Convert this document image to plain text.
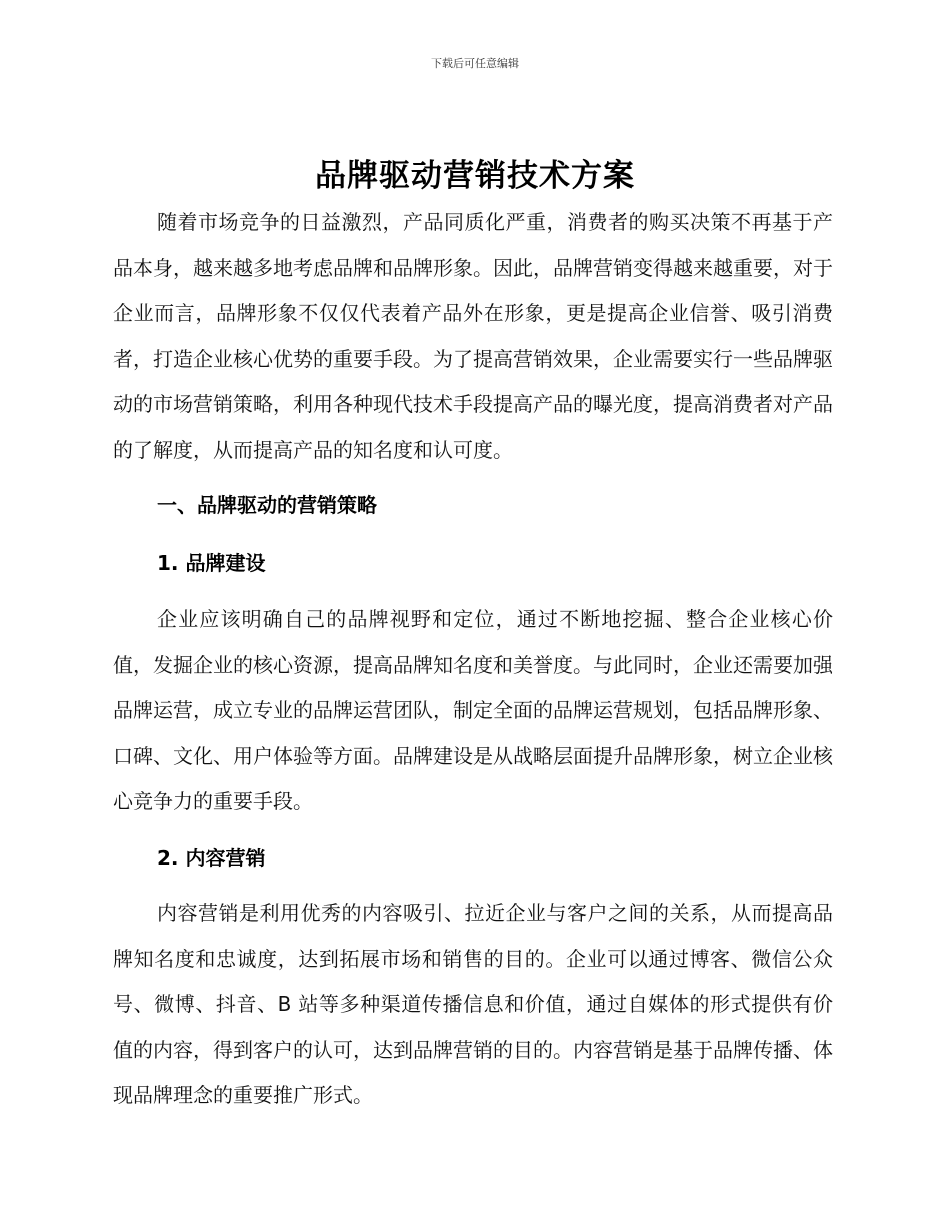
下载后可任意编辑
品牌驱动营销技术方案

随着市场竞争的日益激烈，产品同质化严重，消费者的购买决策不再基于产品本身，越来越多地考虑品牌和品牌形象。因此，品牌营销变得越来越重要，对于企业而言，品牌形象不仅仅代表着产品外在形象，更是提高企业信誉、吸引消费者，打造企业核心优势的重要手段。为了提高营销效果，企业需要实行一些品牌驱动的市场营销策略，利用各种现代技术手段提高产品的曝光度，提高消费者对产品的了解度，从而提高产品的知名度和认可度。

一、品牌驱动的营销策略
1. 品牌建设

企业应该明确自己的品牌视野和定位，通过不断地挖掘、整合企业核心价值，发掘企业的核心资源，提高品牌知名度和美誉度。与此同时，企业还需要加强品牌运营，成立专业的品牌运营团队，制定全面的品牌运营规划，包括品牌形象、口碑、文化、用户体验等方面。品牌建设是从战略层面提升品牌形象，树立企业核心竞争力的重要手段。

2. 内容营销

内容营销是利用优秀的内容吸引、拉近企业与客户之间的关系，从而提高品牌知名度和忠诚度，达到拓展市场和销售的目的。企业可以通过博客、微信公众号、微博、抖音、B 站等多种渠道传播信息和价值，通过自媒体的形式提供有价值的内容，得到客户的认可，达到品牌营销的目的。内容营销是基于品牌传播、体现品牌理念的重要推广形式。
